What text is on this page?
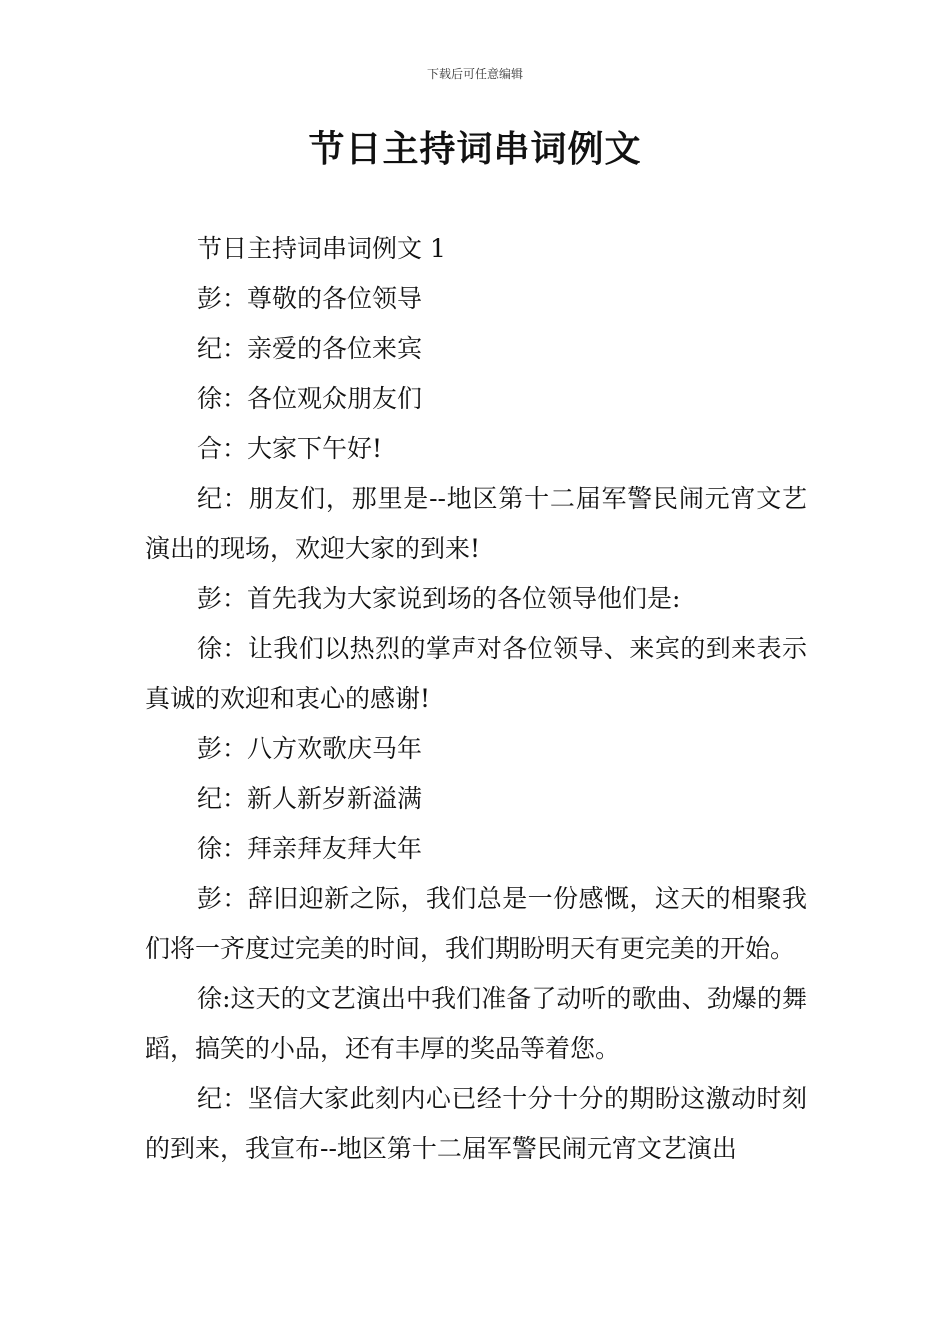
下载后可任意编辑
节日主持词串词例文

节日主持词串词例文 1

彭：尊敬的各位领导

纪：亲爱的各位来宾

徐：各位观众朋友们

合：大家下午好!

纪：朋友们，那里是--地区第十二届军警民闹元宵文艺演出的现场，欢迎大家的到来!

彭：首先我为大家说到场的各位领导他们是:

徐：让我们以热烈的掌声对各位领导、来宾的到来表示真诚的欢迎和衷心的感谢!

彭：八方欢歌庆马年

纪：新人新岁新溢满

徐：拜亲拜友拜大年

彭：辞旧迎新之际，我们总是一份感慨，这天的相聚我们将一齐度过完美的时间，我们期盼明天有更完美的开始。

徐:这天的文艺演出中我们准备了动听的歌曲、劲爆的舞蹈，搞笑的小品，还有丰厚的奖品等着您。

纪：坚信大家此刻内心已经十分十分的期盼这激动时刻的到来，我宣布--地区第十二届军警民闹元宵文艺演出
